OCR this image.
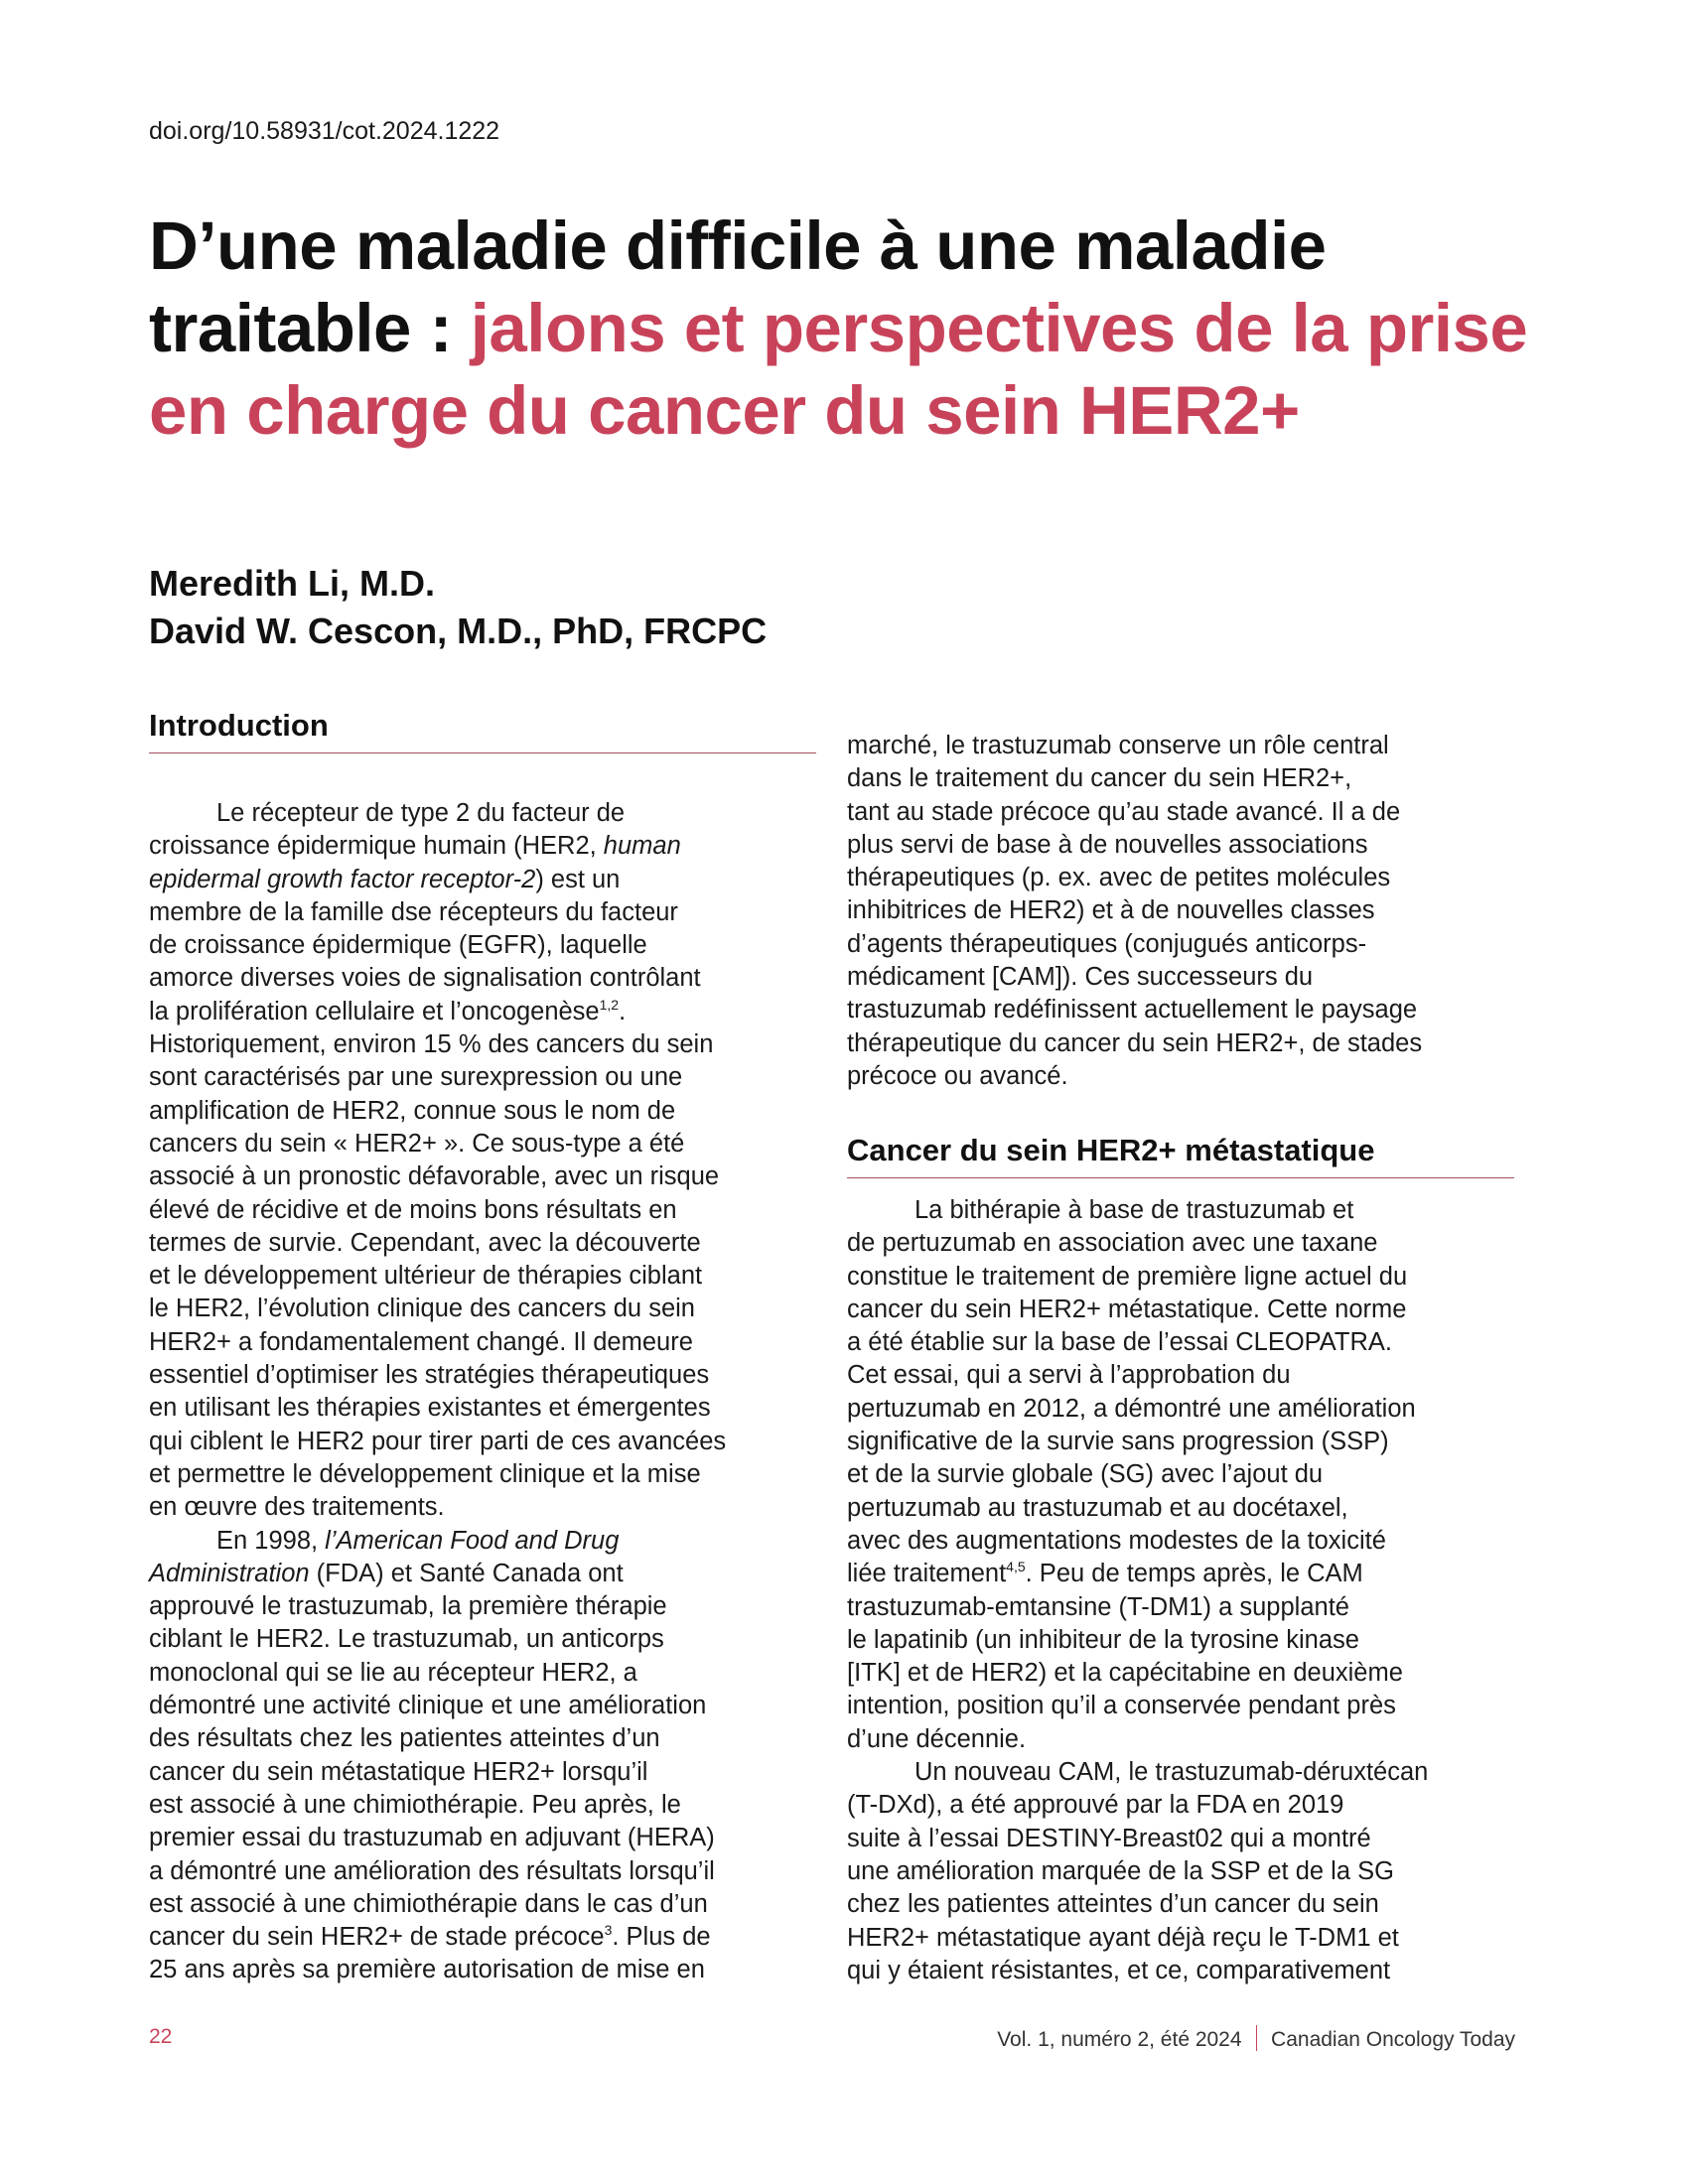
doi.org/10.58931/cot.2024.1222
D’une maladie difficile à une maladie traitable : jalons et perspectives de la prise en charge du cancer du sein HER2+
Meredith Li, M.D.
David W. Cescon, M.D., PhD, FRCPC
Introduction
Le récepteur de type 2 du facteur de
croissance épidermique humain (HER2, human
epidermal growth factor receptor-2) est un
membre de la famille dse récepteurs du facteur
de croissance épidermique (EGFR), laquelle
amorce diverses voies de signalisation contrôlant
la prolifération cellulaire et l’oncogenèse$^{1,2}$.
Historiquement, environ 15 % des cancers du sein
sont caractérisés par une surexpression ou une
amplification de HER2, connue sous le nom de
cancers du sein « HER2+ ». Ce sous-type a été
associé à un pronostic défavorable, avec un risque
élevé de récidive et de moins bons résultats en
termes de survie. Cependant, avec la découverte
et le développement ultérieur de thérapies ciblant
le HER2, l’évolution clinique des cancers du sein
HER2+ a fondamentalement changé. Il demeure
essentiel d’optimiser les stratégies thérapeutiques
en utilisant les thérapies existantes et émergentes
qui ciblent le HER2 pour tirer parti de ces avancées
et permettre le développement clinique et la mise
en œuvre des traitements.
En 1998, l’American Food and Drug
Administration (FDA) et Santé Canada ont
approuvé le trastuzumab, la première thérapie
ciblant le HER2. Le trastuzumab, un anticorps
monoclonal qui se lie au récepteur HER2, a
démontré une activité clinique et une amélioration
des résultats chez les patientes atteintes d’un
cancer du sein métastatique HER2+ lorsqu’il
est associé à une chimiothérapie. Peu après, le
premier essai du trastuzumab en adjuvant (HERA)
a démontré une amélioration des résultats lorsqu’il
est associé à une chimiothérapie dans le cas d’un
cancer du sein HER2+ de stade précoce$^3$. Plus de
25 ans après sa première autorisation de mise en
marché, le trastuzumab conserve un rôle central
dans le traitement du cancer du sein HER2+,
tant au stade précoce qu’au stade avancé. Il a de
plus servi de base à de nouvelles associations
thérapeutiques (p. ex. avec de petites molécules
inhibitrices de HER2) et à de nouvelles classes
d’agents thérapeutiques (conjugués anticorps-
médicament [CAM]). Ces successeurs du
trastuzumab redéfinissent actuellement le paysage
thérapeutique du cancer du sein HER2+, de stades
précoce ou avancé.
Cancer du sein HER2+ métastatique
La bithérapie à base de trastuzumab et
de pertuzumab en association avec une taxane
constitue le traitement de première ligne actuel du
cancer du sein HER2+ métastatique. Cette norme
a été établie sur la base de l’essai CLEOPATRA.
Cet essai, qui a servi à l’approbation du
pertuzumab en 2012, a démontré une amélioration
significative de la survie sans progression (SSP)
et de la survie globale (SG) avec l’ajout du
pertuzumab au trastuzumab et au docétaxel,
avec des augmentations modestes de la toxicité
liée traitement$^{4,5}$. Peu de temps après, le CAM
trastuzumab-emtansine (T-DM1) a supplanté
le lapatinib (un inhibiteur de la tyrosine kinase
[ITK] et de HER2) et la capécitabine en deuxième
intention, position qu’il a conservée pendant près
d’une décennie.
Un nouveau CAM, le trastuzumab-déruxtécan
(T-DXd), a été approuvé par la FDA en 2019
suite à l’essai DESTINY-Breast02 qui a montré
une amélioration marquée de la SSP et de la SG
chez les patientes atteintes d’un cancer du sein
HER2+ métastatique ayant déjà reçu le T-DM1 et
qui y étaient résistantes, et ce, comparativement
22	Vol. 1, numéro 2, été 2024 Canadian Oncology Today
